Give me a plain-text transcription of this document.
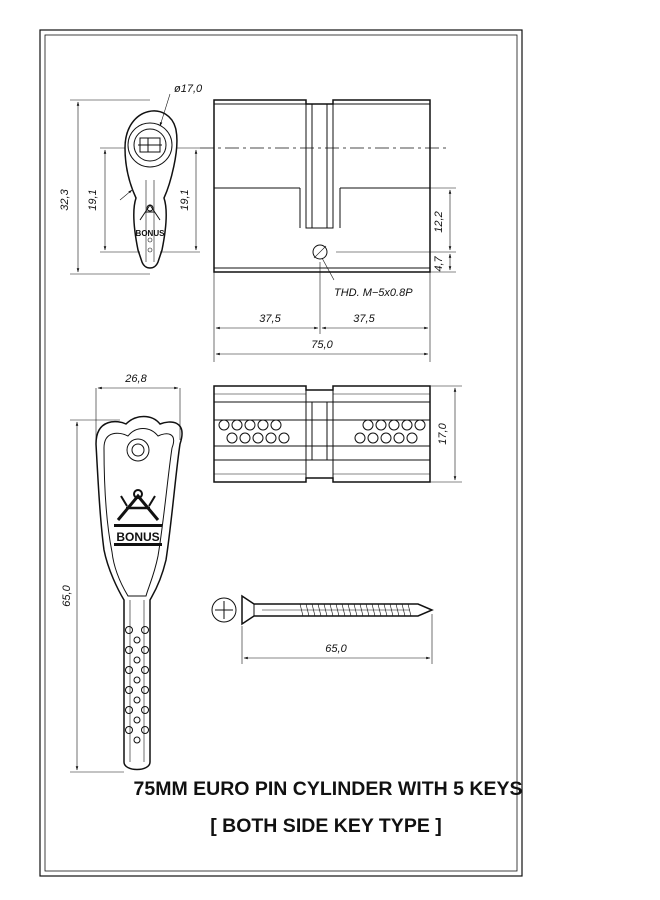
BONUS
ø17,0
32,3 19,1	19,1
THD. M−5x0.8P
12,2
4,7
37,5	37,5
75,0
17,0
BONUS
26,8
65,0
65,0
75MM EURO PIN CYLINDER WITH 5 KEYS
[ BOTH SIDE KEY TYPE ]
